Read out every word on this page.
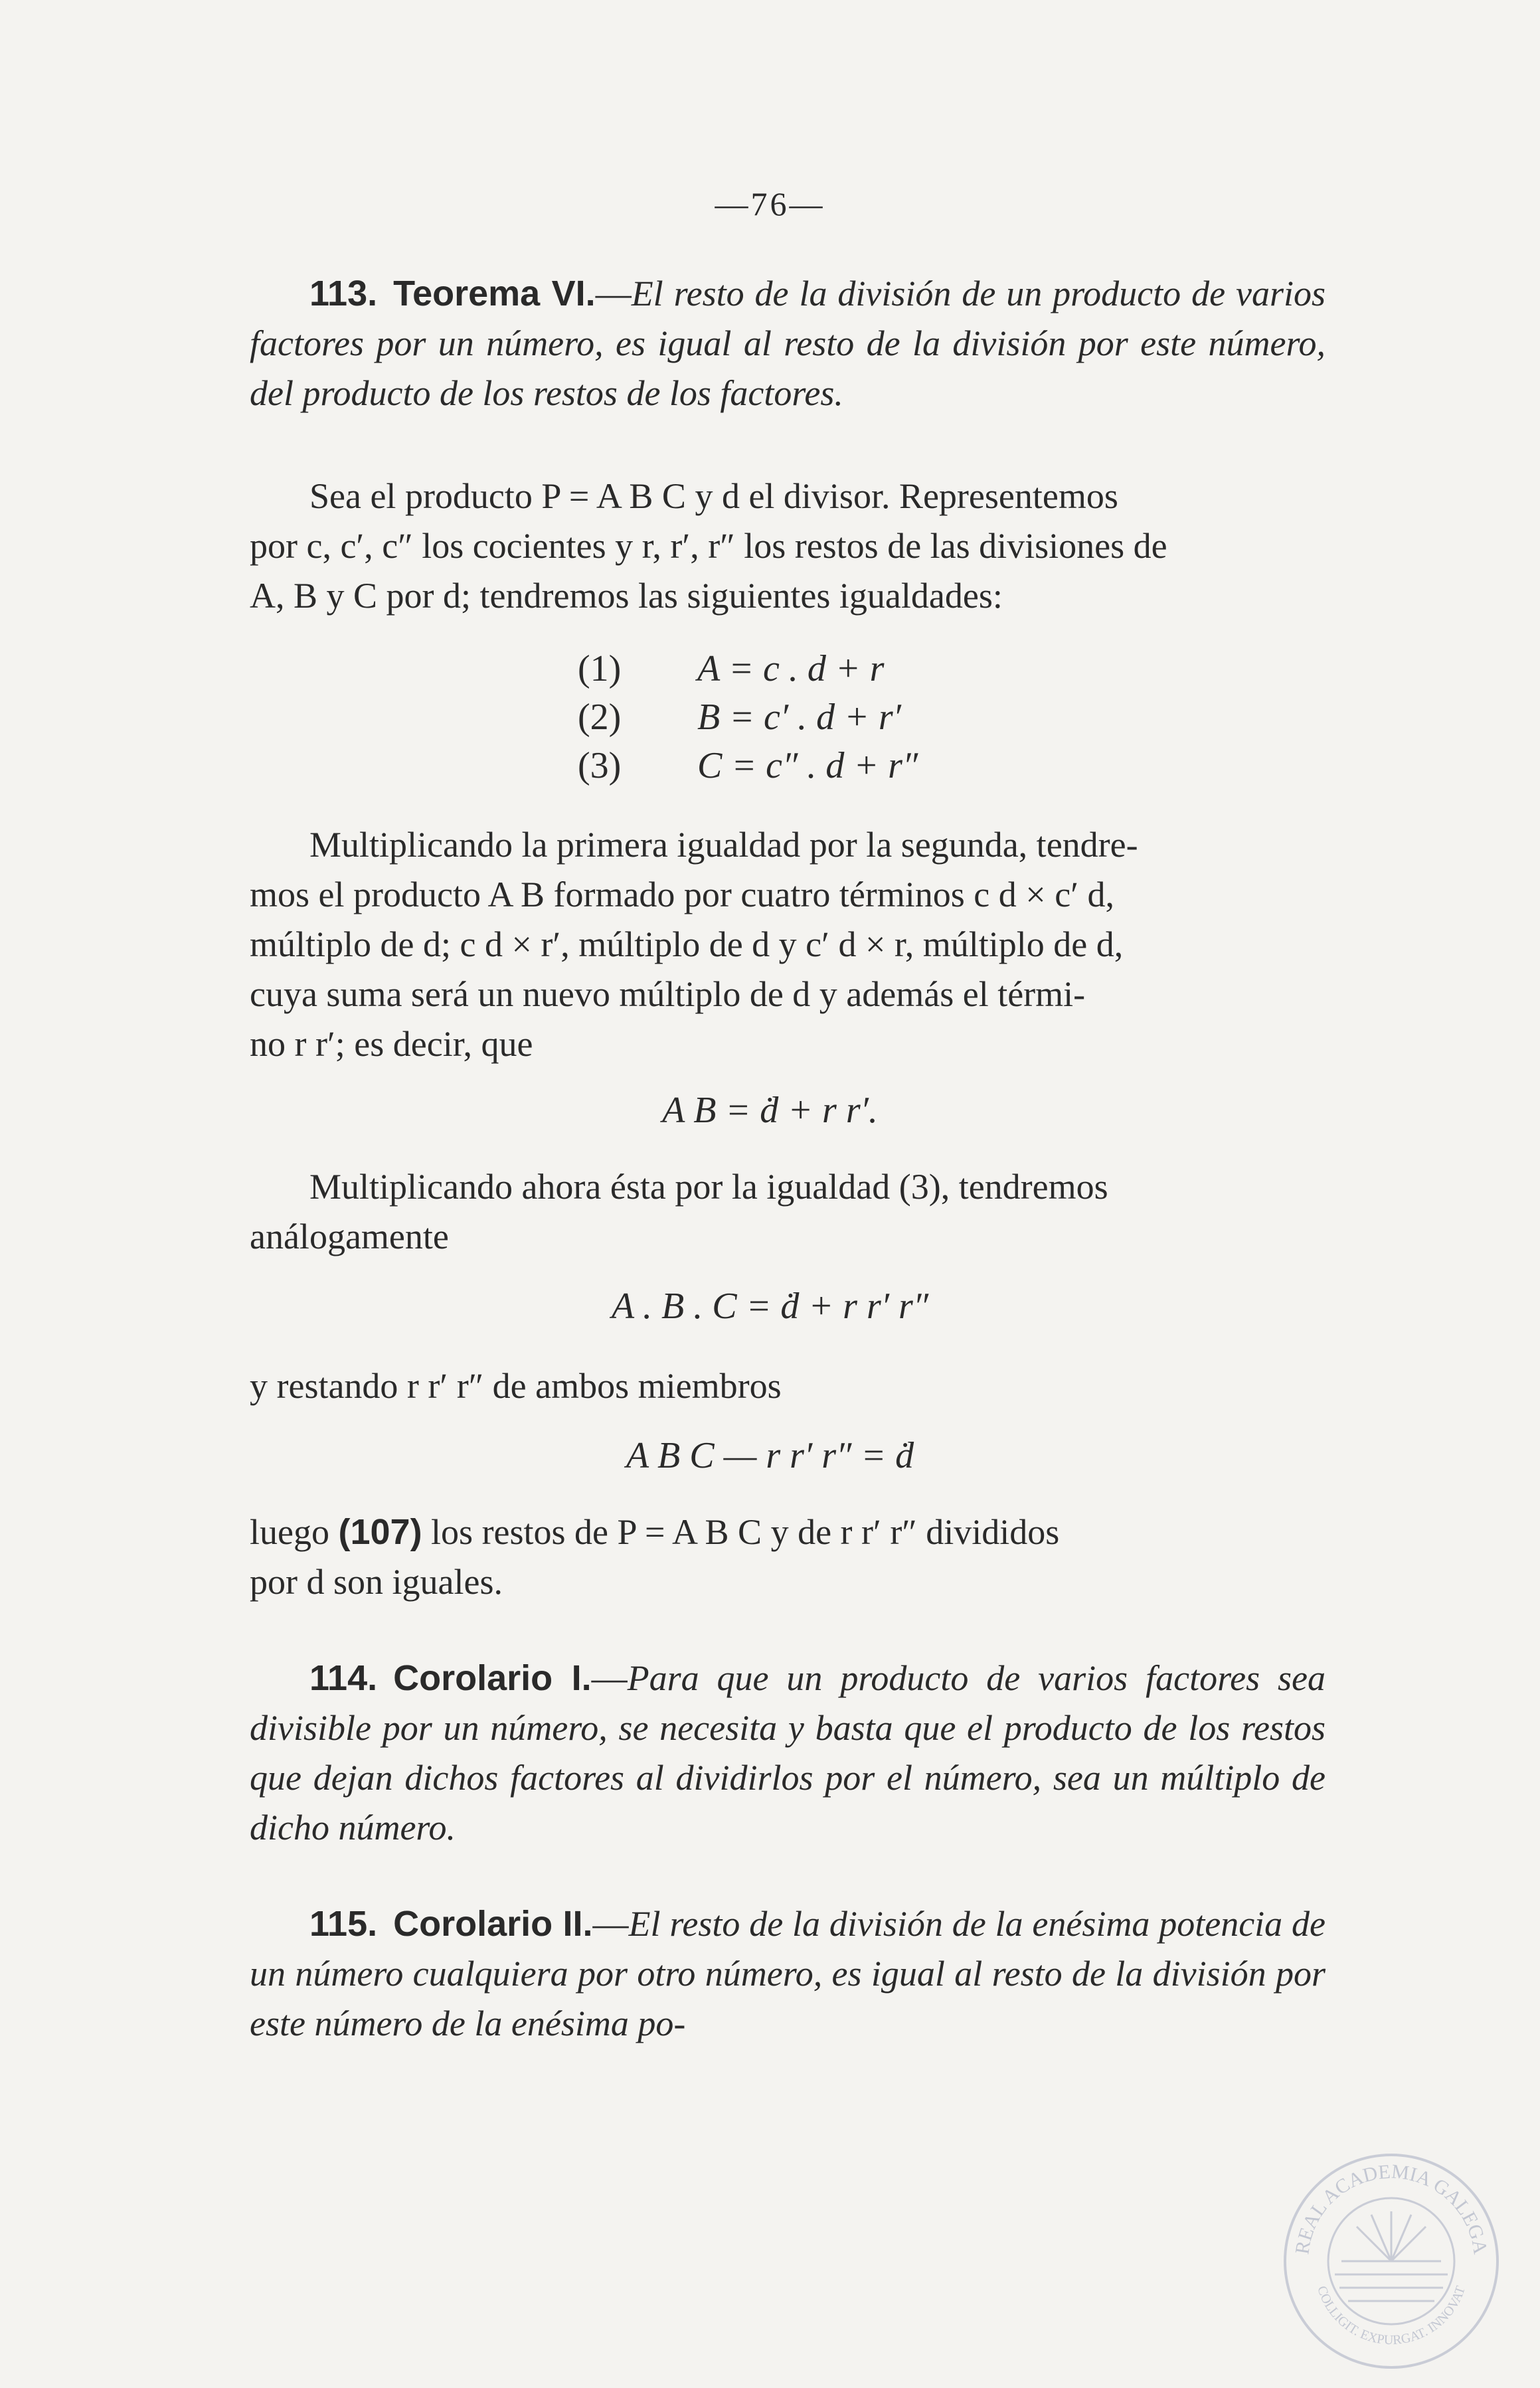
—76—

113. Teorema VI.—El resto de la división de un producto de varios factores por un número, es igual al resto de la división por este número, del producto de los restos de los factores.

Sea el producto P = A B C y d el divisor. Representemos
por c, c′, c″ los cocientes y r, r′, r″ los restos de las divisiones de
A, B y C por d; tendremos las siguientes igualdades:

(1) A = c . d + r
(2) B = c′ . d + r′
(3) C = c″ . d + r″

Multiplicando la primera igualdad por la segunda, tendre-
mos el producto A B formado por cuatro términos c d × c′ d,
múltiplo de d; c d × r′, múltiplo de d y c′ d × r, múltiplo de d,
cuya suma será un nuevo múltiplo de d y además el térmi-
no r r′; es decir, que

A B = ḋ + r r′.

Multiplicando ahora ésta por la igualdad (3), tendremos
análogamente

A . B . C = ḋ + r r′ r″

y restando r r′ r″ de ambos miembros

A B C — r r′ r″ = ḋ

luego (107) los restos de P = A B C y de r r′ r″ divididos
por d son iguales.

114. Corolario I.—Para que un producto de varios factores sea divisible por un número, se necesita y basta que el producto de los restos que dejan dichos factores al dividirlos por el número, sea un múltiplo de dicho número.

115. Corolario II.—El resto de la división de la enésima potencia de un número cualquiera por otro número, es igual al resto de la división por este número de la enésima po-

REAL ACADEMIA GALEGA
COLLIGIT. EXPURGAT. INNOVAT
